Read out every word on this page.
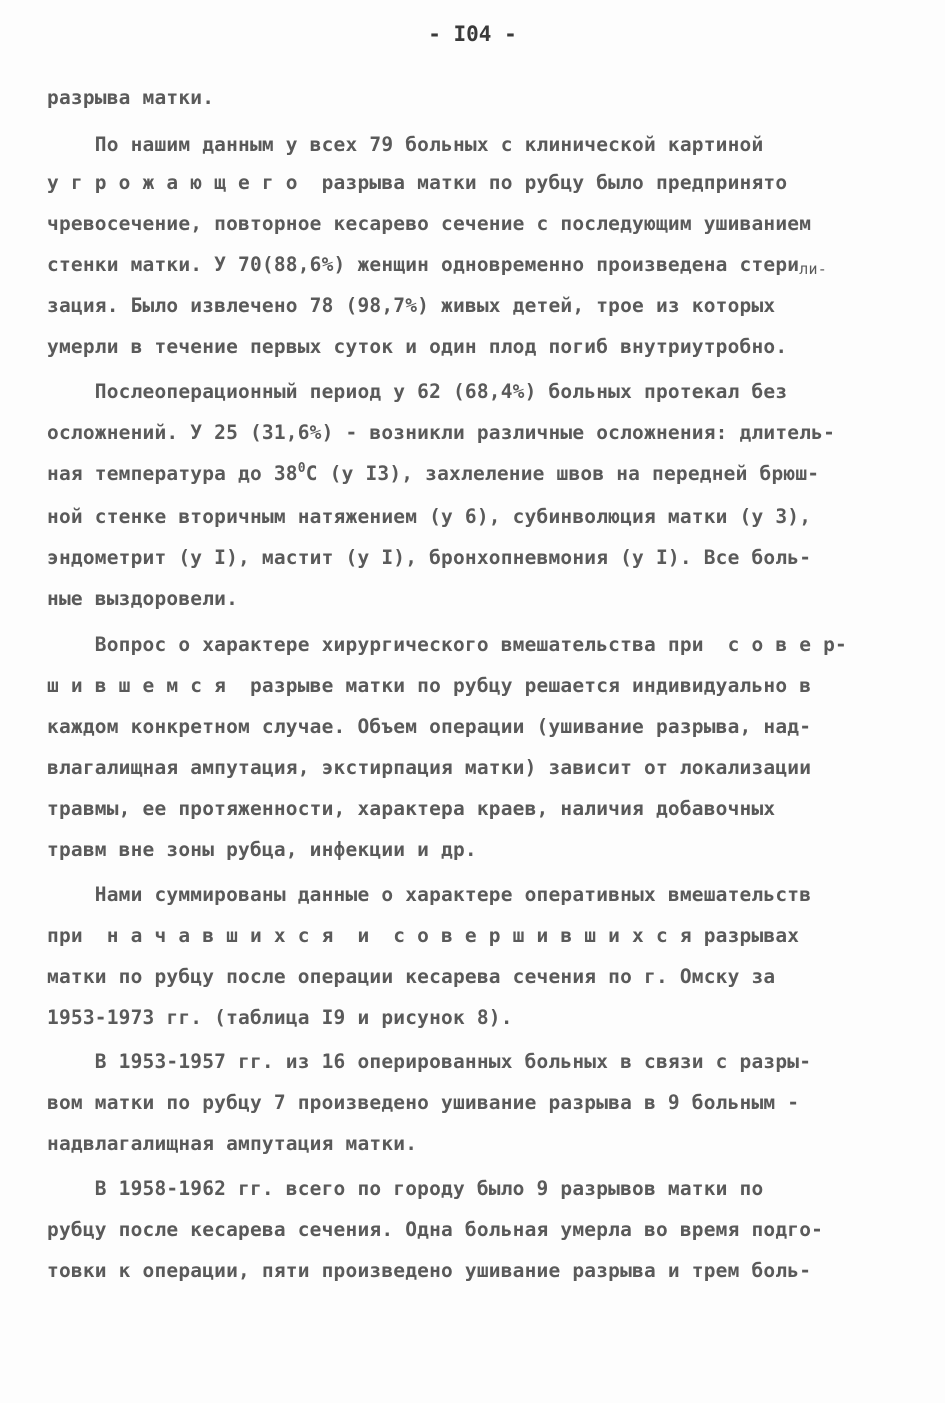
- I04 -
разрыва матки.
По нашим данным у всех 79 больных с клинической картиной
у г р о ж а ю щ е г о  разрыва матки по рубцу было предпринято
чревосечение, повторное кесарево сечение с последующим ушиванием
стенки матки. У 70(88,6%) женщин одновременно произведена стерили-
зация. Было извлечено 78 (98,7%) живых детей, трое из которых
умерли в течение первых суток и один плод погиб внутриутробно.
Послеоперационный период у 62 (68,4%) больных протекал без
осложнений. У 25 (31,6%) - возникли различные осложнения: длитель-
ная температура до $38^0С$ (у I3), захлеление швов на передней брюш-
ной стенке вторичным натяжением (у 6), субинволюция матки (у 3),
эндометрит (у I), мастит (у I), бронхопневмония (у I). Все боль-
ные выздоровели.
Вопрос о характере хирургического вмешательства при  с о в е р-
ш и в ш е м с я  разрыве матки по рубцу решается индивидуально в
каждом конкретном случае. Объем операции (ушивание разрыва, над-
влагалищная ампутация, экстирпация матки) зависит от локализации
травмы, ее протяженности, характера краев, наличия добавочных
травм вне зоны рубца, инфекции и др.
Нами суммированы данные о характере оперативных вмешательств
при  н а ч а в ш и х с я  и  с о в е р ш и в ш и х с я разрывах
матки по рубцу после операции кесарева сечения по г. Омску за
1953-1973 гг. (таблица I9 и рисунок 8).
В 1953-1957 гг. из 16 оперированных больных в связи с разры-
вом матки по рубцу 7 произведено ушивание разрыва в 9 больным -
надвлагалищная ампутация матки.
В 1958-1962 гг. всего по городу было 9 разрывов матки по
рубцу после кесарева сечения. Одна больная умерла во время подго-
товки к операции, пяти произведено ушивание разрыва и трем боль-
